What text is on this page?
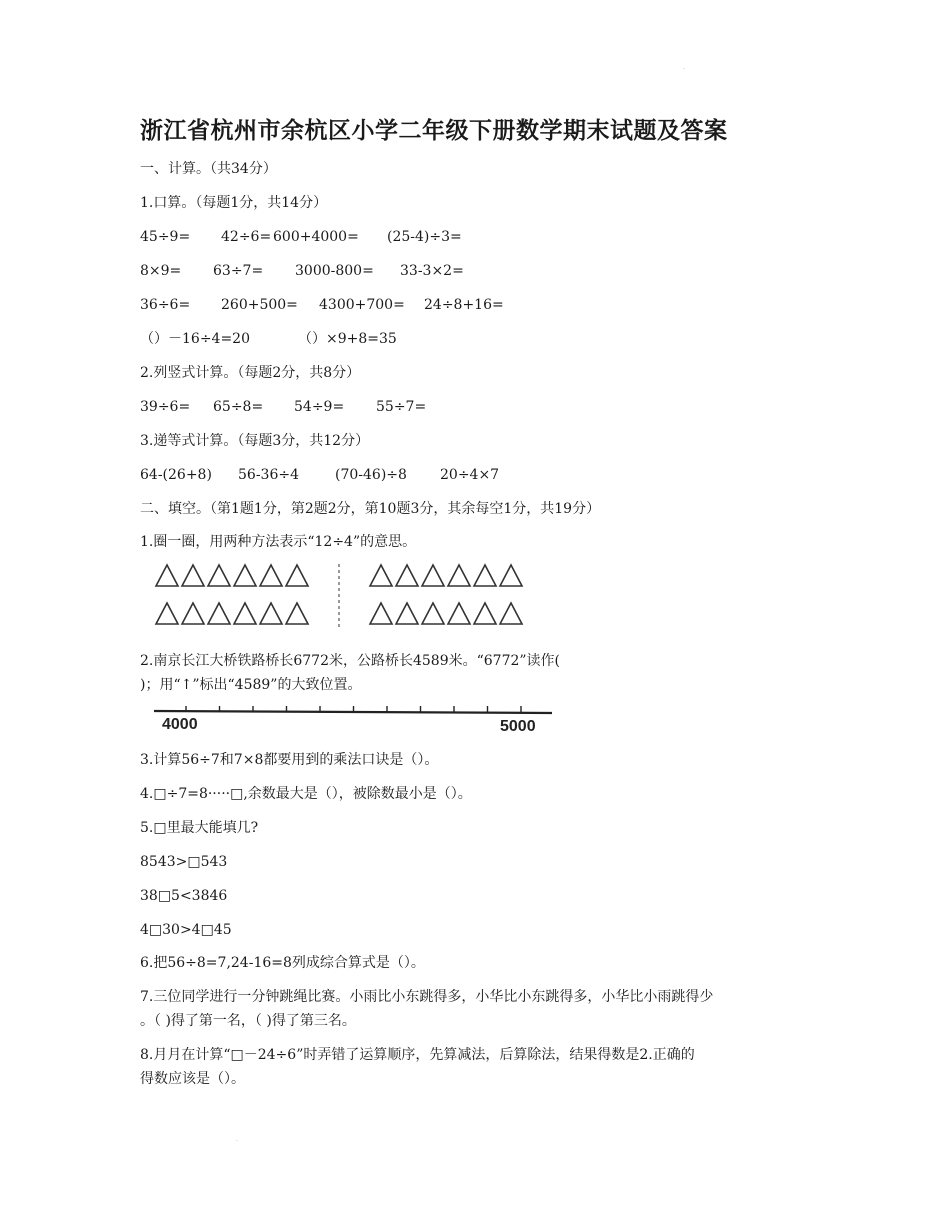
·
浙江省杭州市余杭区小学二年级下册数学期末试题及答案
一、计算。（共34分）
1.口算。（每题1分，共14分）
45÷9= 42÷6= 600+4000= (25-4)÷3=
8×9= 63÷7= 3000-800= 33-3×2=
36÷6= 260+500= 4300+700= 24÷8+16=
（）－16÷4=20	（）×9+8=35
2.列竖式计算。（每题2分，共8分）
39÷6= 65÷8= 54÷9= 55÷7=
3.递等式计算。（每题3分，共12分）
64-(26+8) 56-36÷4	(70-46)÷8 20÷4×7
二、填空。（第1题1分，第2题2分，第10题3分，其余每空1分，共19分）
1.圈一圈，用两种方法表示“12÷4”的意思。
2.南京长江大桥铁路桥长6772米，公路桥长4589米。“6772”读作(
)；用“↑”标出“4589”的大致位置。
4000	5000
3.计算56÷7和7×8都要用到的乘法口诀是（）。
4.□÷7=8·····□,余数最大是（），被除数最小是（）。
5.□里最大能填几?
8543>□543
38□5<3846
4□30>4□45
6.把56÷8=7,24-16=8列成综合算式是（）。
7.三位同学进行一分钟跳绳比赛。小雨比小东跳得多，小华比小东跳得多，小华比小雨跳得少
。（ )得了第一名，（ )得了第三名。
8.月月在计算“□－24÷6”时弄错了运算顺序，先算减法，后算除法，结果得数是2.正确的
得数应该是（）。
·
